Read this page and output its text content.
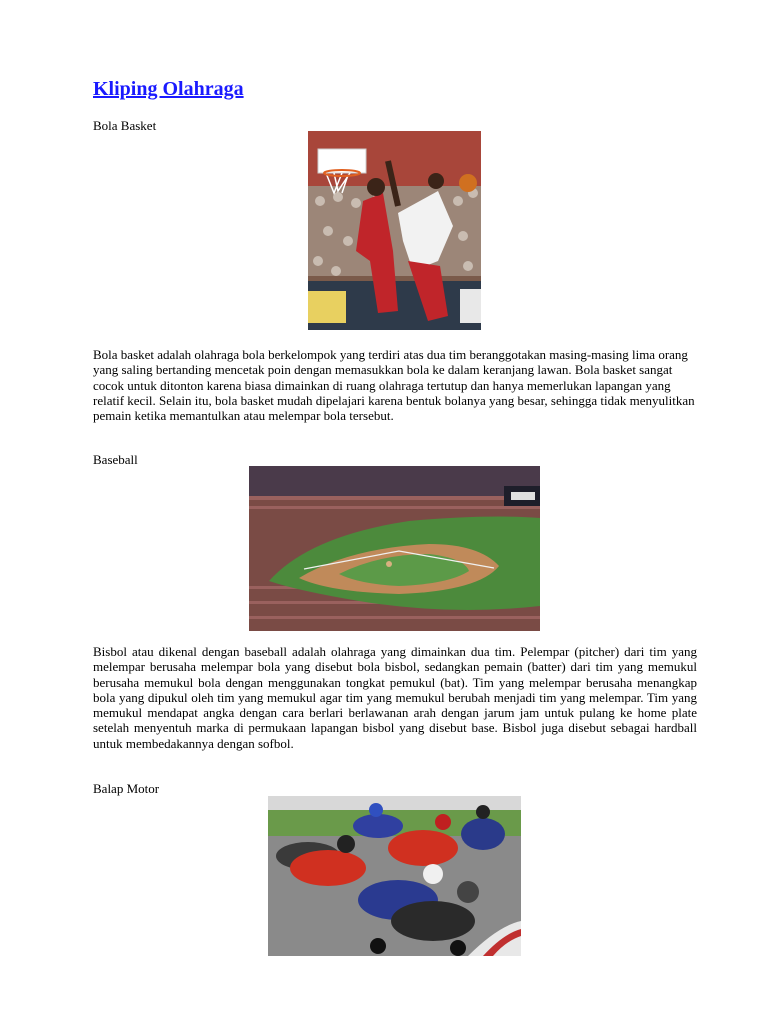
Kliping Olahraga
Bola Basket
Bola basket adalah olahraga bola berkelompok yang terdiri atas dua tim beranggotakan masing-masing lima orang yang saling bertanding mencetak poin dengan memasukkan bola ke dalam keranjang lawan. Bola basket sangat cocok untuk ditonton karena biasa dimainkan di ruang olahraga tertutup dan hanya memerlukan lapangan yang relatif kecil. Selain itu, bola basket mudah dipelajari karena bentuk bolanya yang besar, sehingga tidak menyulitkan pemain ketika memantulkan atau melempar bola tersebut.
Baseball
Bisbol atau dikenal dengan baseball adalah olahraga yang dimainkan dua tim. Pelempar (pitcher) dari tim yang melempar berusaha melempar bola yang disebut bola bisbol, sedangkan pemain (batter) dari tim yang memukul berusaha memukul bola dengan menggunakan tongkat pemukul (bat). Tim yang melempar berusaha menangkap bola yang dipukul oleh tim yang memukul agar tim yang memukul berubah menjadi tim yang melempar. Tim yang memukul mendapat angka dengan cara berlari berlawanan arah dengan jarum jam untuk pulang ke home plate setelah menyentuh marka di permukaan lapangan bisbol yang disebut base. Bisbol juga disebut sebagai hardball untuk membedakannya dengan sofbol.
Balap Motor
